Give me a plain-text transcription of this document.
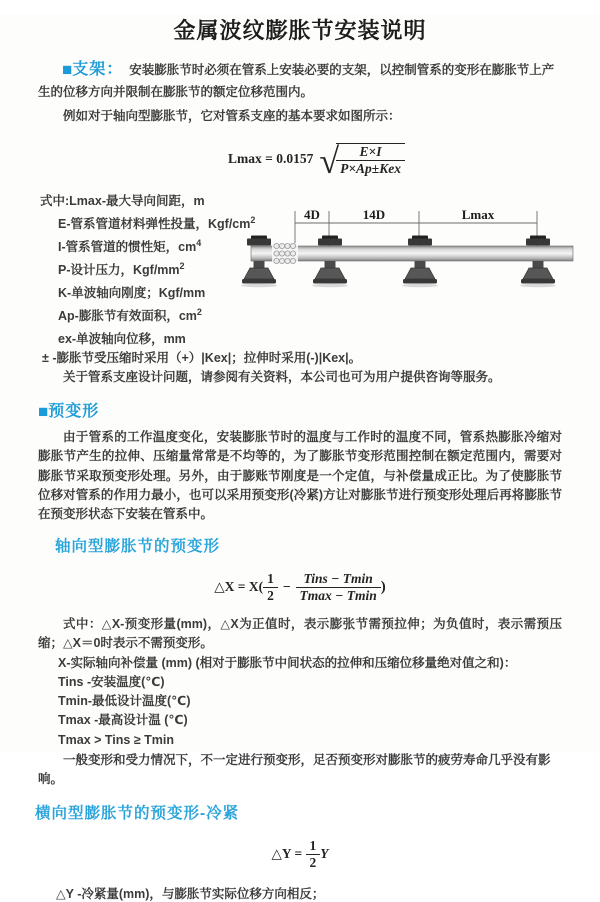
金属波纹膨胀节安装说明

■支架： 安装膨胀节时必须在管系上安装必要的支架，以控制管系的变形在膨胀节上产生的位移方向并限制在膨胀节的额定位移范围内。

例如对于轴向型膨胀节，它对管系支座的基本要求如图所示：

Lmax = 0.0157 √
$\frac{E\times I}{\text{P×Ap±Kex}}$
式中:Lmax-最大导向间距，m
E-管系管道材料弹性投量，Kgf/$cm^2$
I-管系管道的惯性矩，$cm^4$
P-设计压力，Kgf/$mm^2$
K-单波轴向刚度；Kgf/mm
Ap-膨胀节有效面积，$cm^2$
ex-单波轴向位移，mm
± -膨胀节受压缩时采用（+）|Kex|；拉伸时采用(-)|Kex|。
关于管系支座设计问题，请参阅有关资料，本公司也可为用户提供咨询等服务。
4D	14D	Lmax

■预变形

由于管系的工作温度变化，安装膨胀节时的温度与工作时的温度不同，管系热膨胀冷缩对膨胀节产生的拉伸、压缩量常常是不均等的，为了膨胀节变形范围控制在额定范围内，需要对膨胀节采取预变形处理。另外，由于膨账节刚度是一个定值，与补偿量成正比。为了使膨胀节位移对管系的作用力最小，也可以采用预变形(冷紧)方让对膨胀节进行预变形处理后再将膨胀节在预变形状态下安装在管系中。

轴向型膨胀节的预变形
△X = $X( \frac{1}{2} - \frac{\text{Tins − Tmin}}{Tmax - Tmin}$ )

式中：△X-预变形量(mm)，△X为正值时，表示膨张节需预拉伸；为负值时，表示需预压缩；△X＝0时表示不需预变形。

X-实际轴向补偿量 (mm) (相对于膨胀节中间状态的拉伸和压缩位移量绝对值之和)：
Tins -安装温度(℃)
Tmin-最低设计温度(℃)
Tmax -最高设计温 (℃)
Tmax > Tins ≥ Tmin

一般变形和受力情况下，不一定进行预变形，足否预变形对膨胀节的疲劳寿命几乎没有影响。

横向型膨胀节的预变形-冷紧
△Y =
$\frac{1}{2}$ Y
△Y -冷紧量(mm)，与膨胀节实际位移方向相反；
